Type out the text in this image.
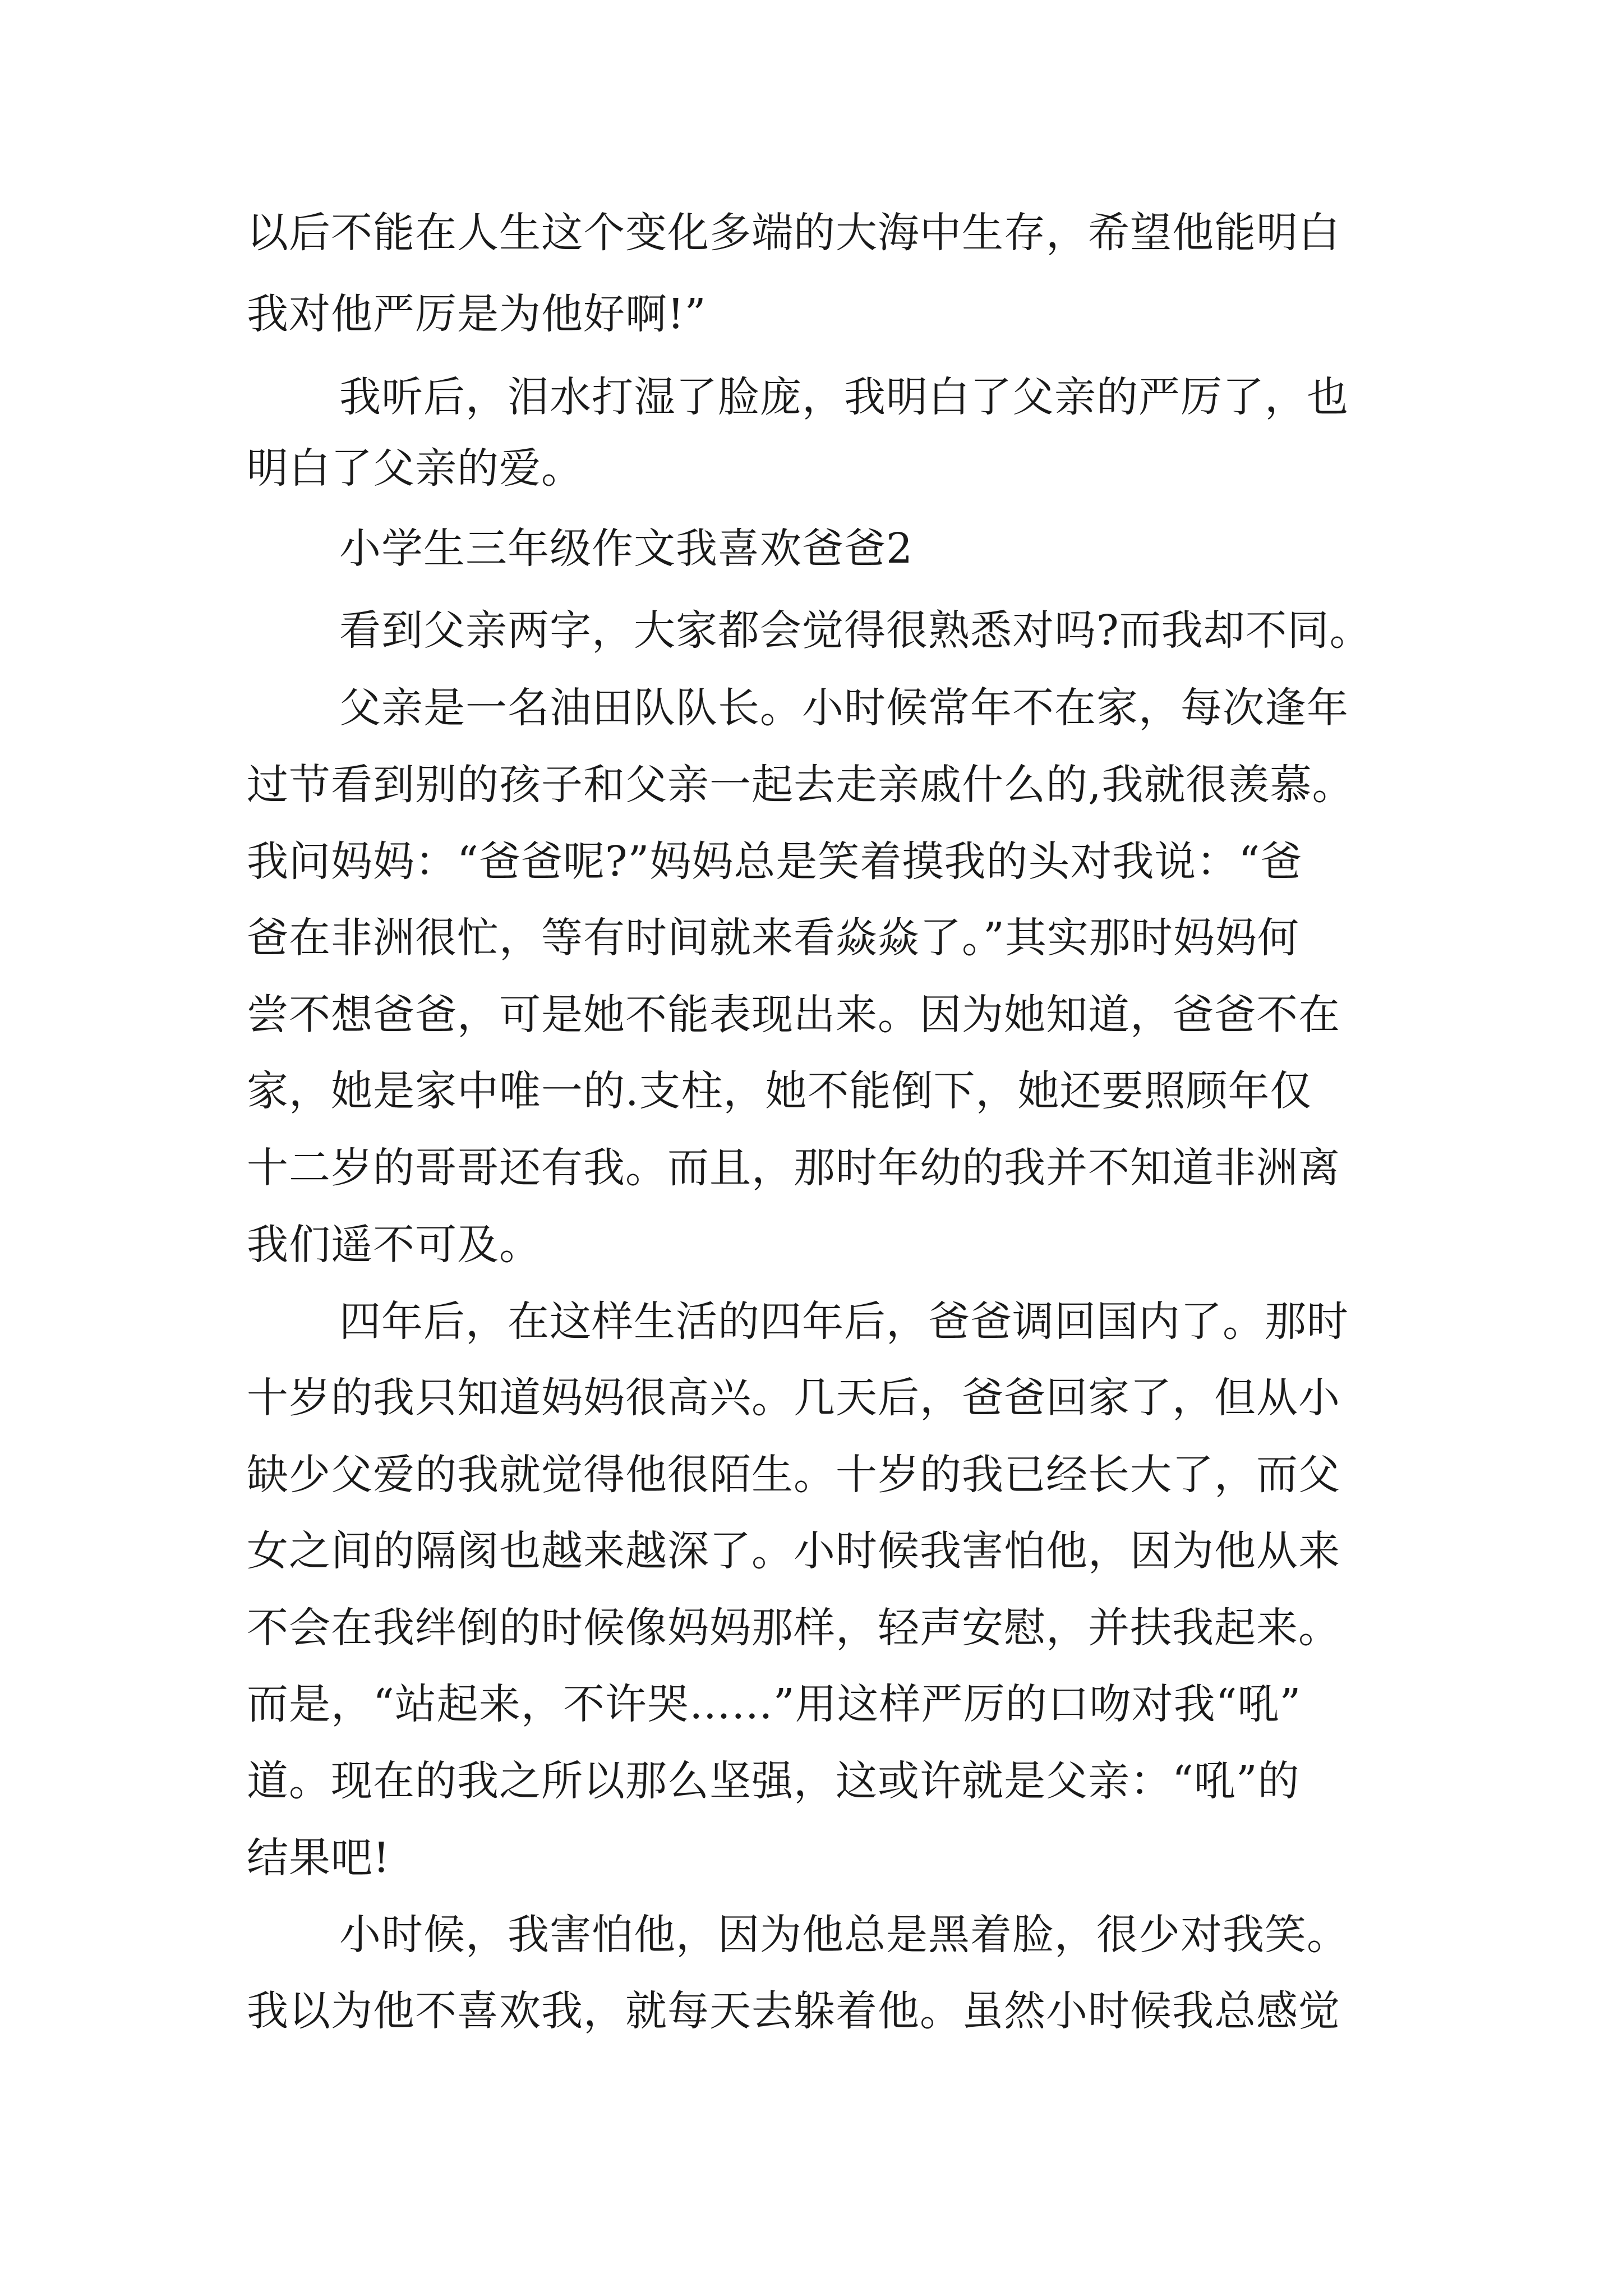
以后不能在人生这个变化多端的大海中生存，希望他能明白
我对他严厉是为他好啊!”
我听后，泪水打湿了脸庞，我明白了父亲的严厉了，也
明白了父亲的爱。
小学生三年级作文我喜欢爸爸2
看到父亲两字，大家都会觉得很熟悉对吗?而我却不同。
父亲是一名油田队队长。小时候常年不在家，每次逢年
过节看到别的孩子和父亲一起去走亲戚什么的,我就很羡慕。
我问妈妈：“爸爸呢?”妈妈总是笑着摸我的头对我说：“爸
爸在非洲很忙，等有时间就来看焱焱了。”其实那时妈妈何
尝不想爸爸，可是她不能表现出来。因为她知道，爸爸不在
家，她是家中唯一的.支柱，她不能倒下，她还要照顾年仅
十二岁的哥哥还有我。而且，那时年幼的我并不知道非洲离
我们遥不可及。
四年后，在这样生活的四年后，爸爸调回国内了。那时
十岁的我只知道妈妈很高兴。几天后，爸爸回家了，但从小
缺少父爱的我就觉得他很陌生。十岁的我已经长大了，而父
女之间的隔阂也越来越深了。小时候我害怕他，因为他从来
不会在我绊倒的时候像妈妈那样，轻声安慰，并扶我起来。
而是，“站起来，不许哭……”用这样严厉的口吻对我“吼”
道。现在的我之所以那么坚强，这或许就是父亲：“吼”的
结果吧!
小时候，我害怕他，因为他总是黑着脸，很少对我笑。
我以为他不喜欢我，就每天去躲着他。虽然小时候我总感觉
